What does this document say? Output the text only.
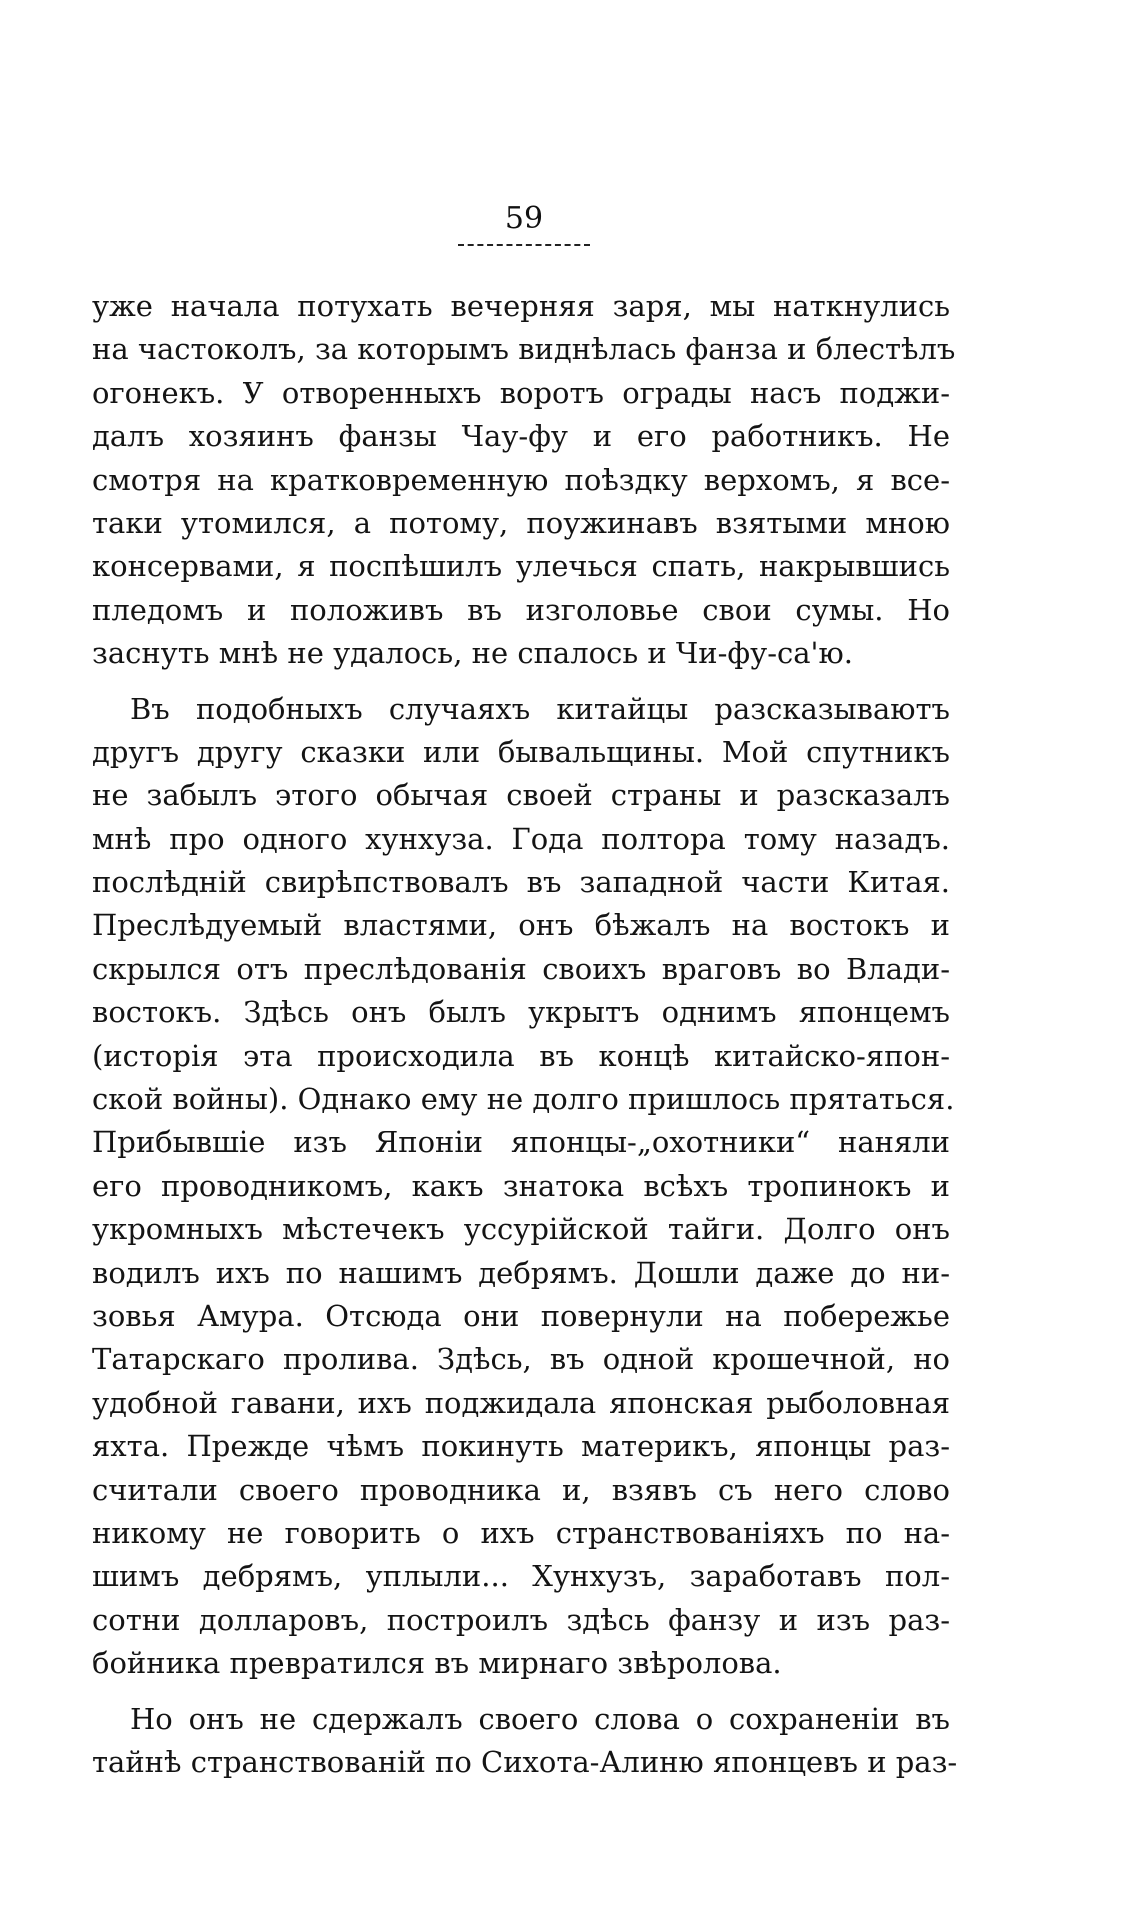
59
уже начала потухать вечерняя заря, мы наткнулись
на частоколъ, за которымъ виднѣлась фанза и блестѣлъ
огонекъ. У отворенныхъ воротъ ограды насъ поджи-
далъ хозяинъ фанзы Чау-фу и его работникъ. Не
смотря на кратковременную поѣздку верхомъ, я все-
таки утомился, а потому, поужинавъ взятыми мною
консервами, я поспѣшилъ улечься спать, накрывшись
пледомъ и положивъ въ изголовье свои сумы. Но
заснуть мнѣ не удалось, не спалось и Чи-фу-са'ю.
Въ подобныхъ случаяхъ китайцы разсказываютъ
другъ другу сказки или бывальщины. Мой спутникъ
не забылъ этого обычая своей страны и разсказалъ
мнѣ про одного хунхуза. Года полтора тому назадъ.
послѣднiй свирѣпствовалъ въ западной части Китая.
Преслѣдуемый властями, онъ бѣжалъ на востокъ и
скрылся отъ преслѣдованiя своихъ враговъ во Влади-
востокъ. Здѣсь онъ былъ укрытъ однимъ японцемъ
(исторiя эта происходила въ концѣ китайско-япон-
ской войны). Однако ему не долго пришлось прятаться.
Прибывшiе изъ Японiи японцы-„охотники“ наняли
его проводникомъ, какъ знатока всѣхъ тропинокъ и
укромныхъ мѣстечекъ уссурiйской тайги. Долго онъ
водилъ ихъ по нашимъ дебрямъ. Дошли даже до ни-
зовья Амура. Отсюда они повернули на побережье
Татарскаго пролива. Здѣсь, въ одной крошечной, но
удобной гавани, ихъ поджидала японская рыболовная
яхта. Прежде чѣмъ покинуть материкъ, японцы раз-
считали своего проводника и, взявъ съ него слово
никому не говорить о ихъ странствованiяхъ по на-
шимъ дебрямъ, уплыли... Хунхузъ, заработавъ пол-
сотни долларовъ, построилъ здѣсь фанзу и изъ раз-
бойника превратился въ мирнаго звѣролова.
Но онъ не сдержалъ своего слова о сохраненiи въ
тайнѣ странствованiй по Сихота-Алиню японцевъ и раз-
